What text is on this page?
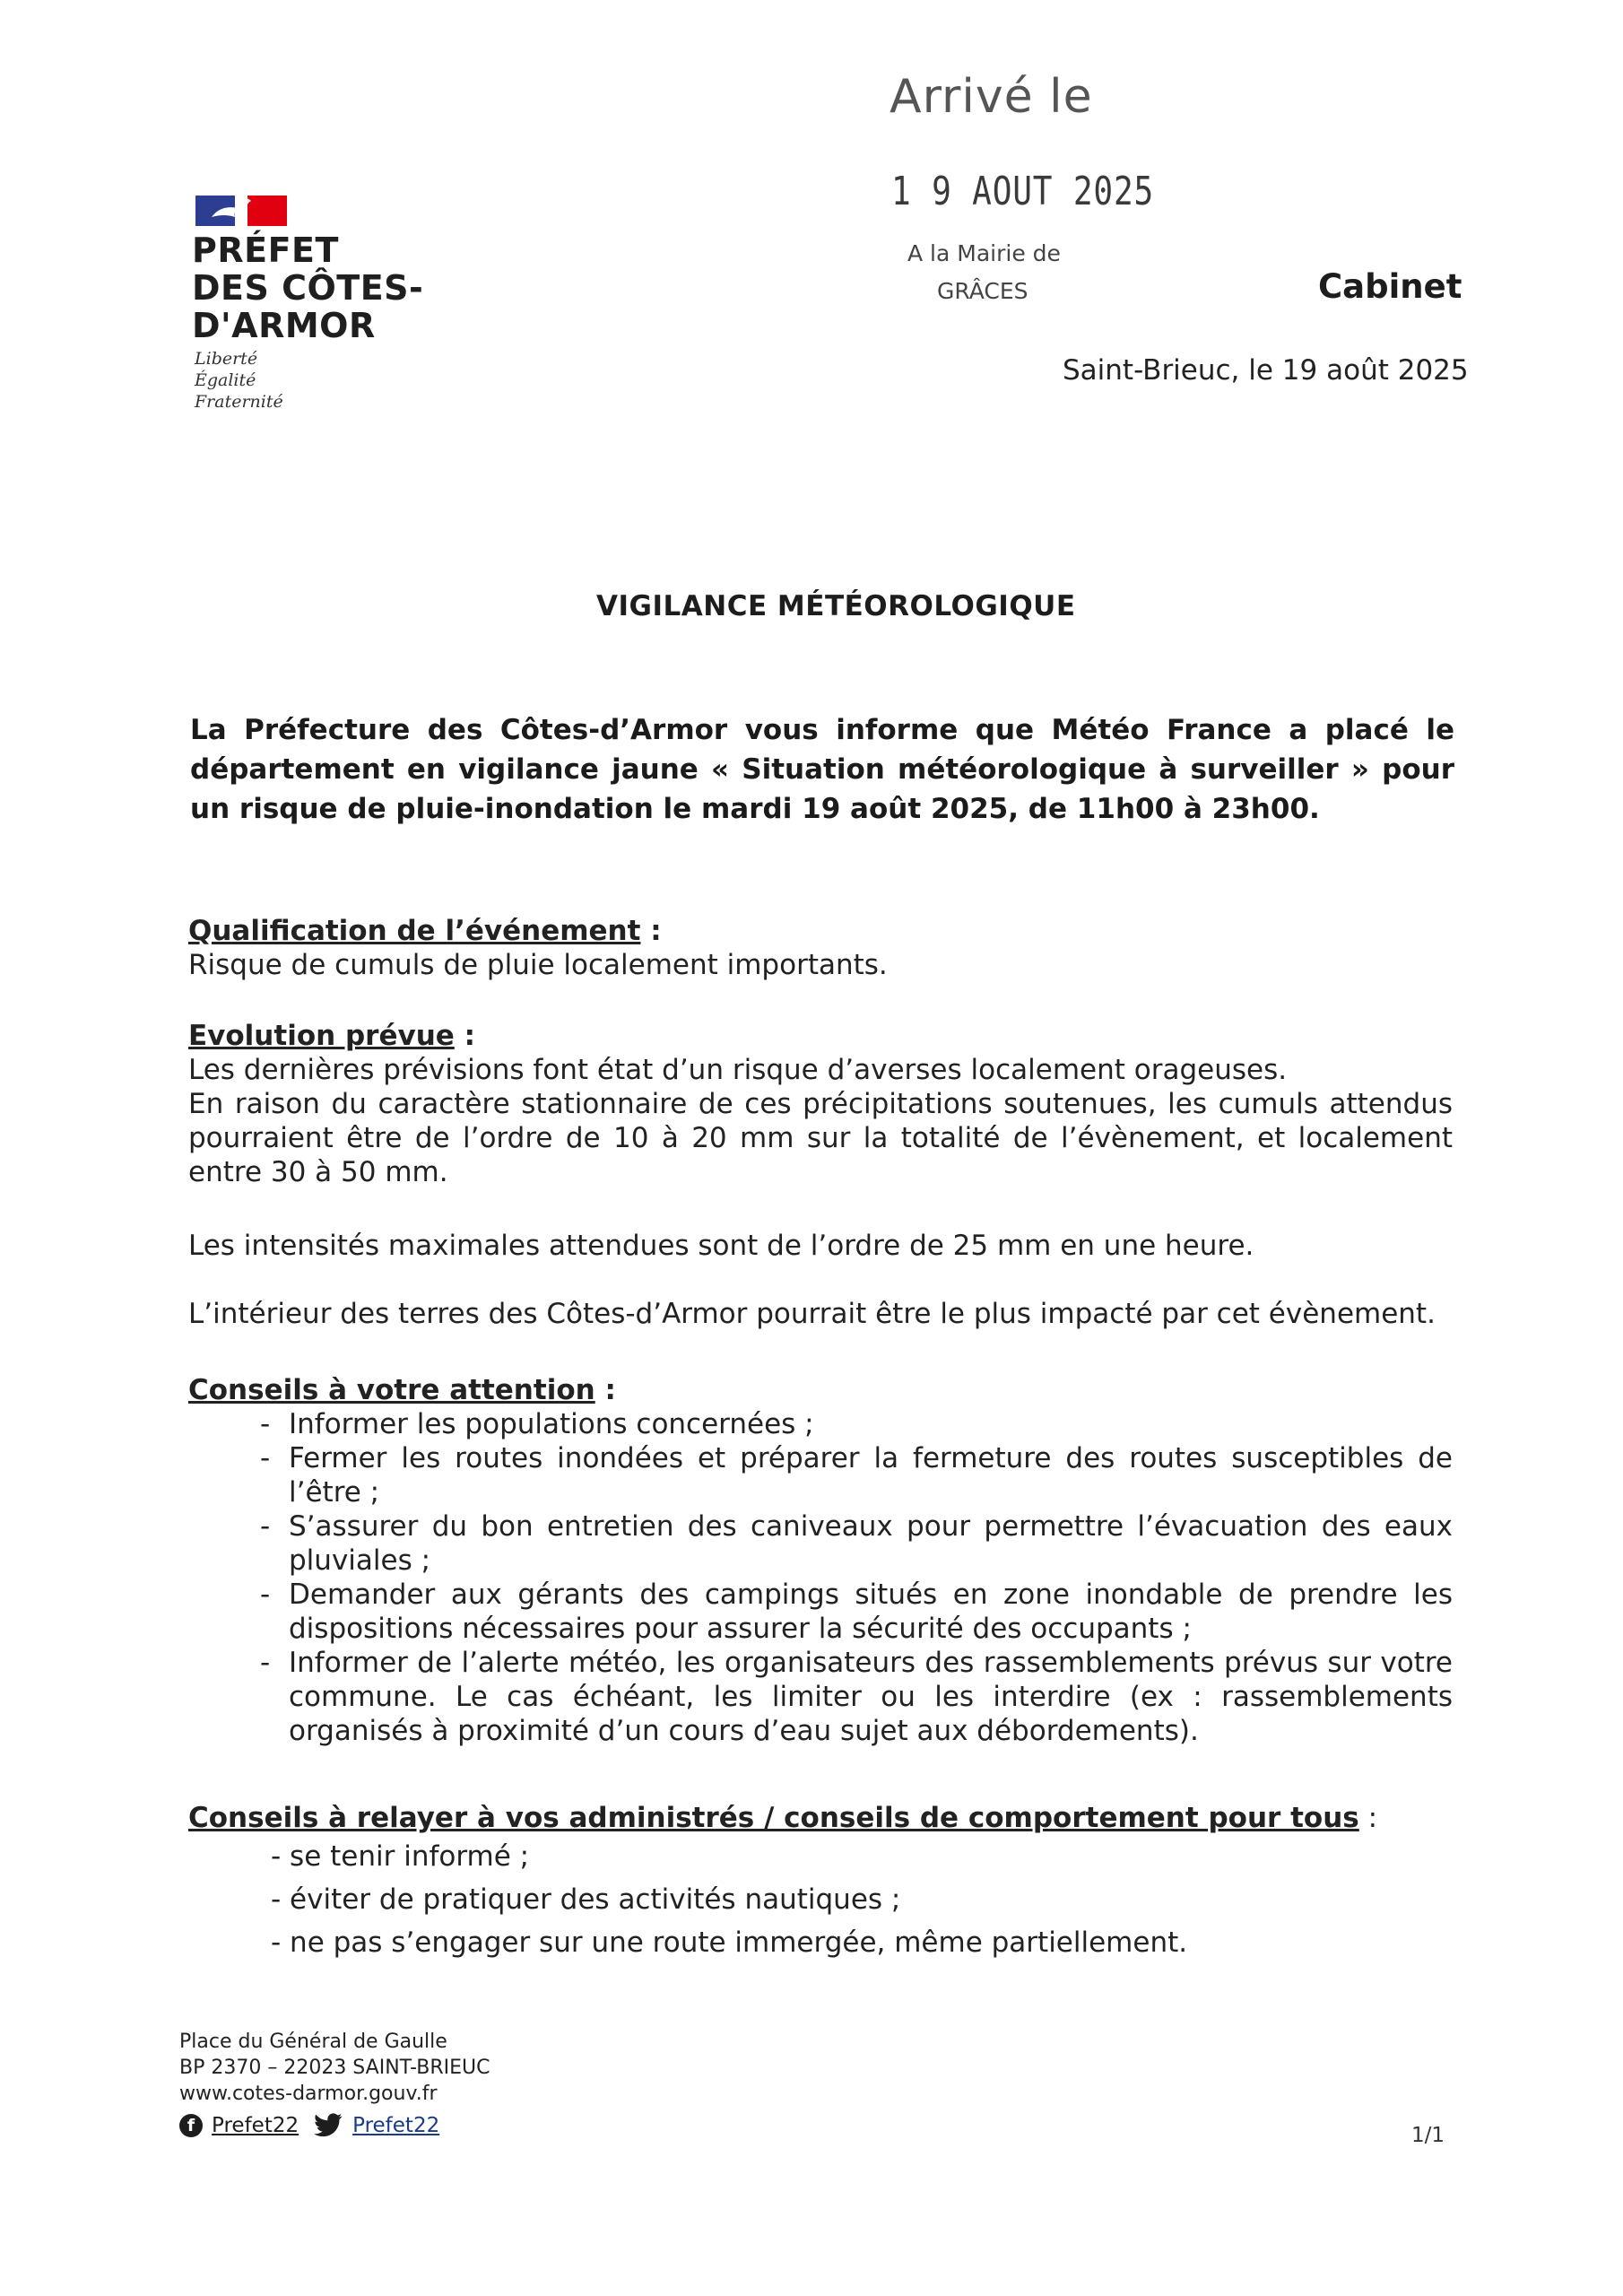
PRÉFET
DES CÔTES-
D'ARMOR
Liberté
Égalité
Fraternité
Arrivé le
1 9 AOUT 2025
A la Mairie de
GRÂCES	Cabinet
Saint-Brieuc, le 19 août 2025
VIGILANCE MÉTÉOROLOGIQUE
La Préfecture des Côtes-d’Armor vous informe que Météo France a placé le département en vigilance jaune « Situation météorologique à surveiller » pour un risque de pluie-inondation le mardi 19 août 2025, de 11h00 à 23h00.
Qualification de l’événement :
Risque de cumuls de pluie localement importants.
Evolution prévue :
Les dernières prévisions font état d’un risque d’averses localement orageuses.
En raison du caractère stationnaire de ces précipitations soutenues, les cumuls attendus pourraient être de l’ordre de 10 à 20 mm sur la totalité de l’évènement, et localement entre 30 à 50 mm.
Les intensités maximales attendues sont de l’ordre de 25 mm en une heure.
L’intérieur des terres des Côtes-d’Armor pourrait être le plus impacté par cet évènement.
Conseils à votre attention :
- Informer les populations concernées ;
- Fermer les routes inondées et préparer la fermeture des routes susceptibles de l’être ;
- S’assurer du bon entretien des caniveaux pour permettre l’évacuation des eaux pluviales ;
- Demander aux gérants des campings situés en zone inondable de prendre les dispositions nécessaires pour assurer la sécurité des occupants ;
- Informer de l’alerte météo, les organisateurs des rassemblements prévus sur votre commune. Le cas échéant, les limiter ou les interdire (ex : rassemblements organisés à proximité d’un cours d’eau sujet aux débordements).
Conseils à relayer à vos administrés / conseils de comportement pour tous :
- se tenir informé ;
- éviter de pratiquer des activités nautiques ;
- ne pas s’engager sur une route immergée, même partiellement.
Place du Général de Gaulle
BP 2370 – 22023 SAINT-BRIEUC
www.cotes-darmor.gouv.fr
f Prefet22	Prefet22	1/1
